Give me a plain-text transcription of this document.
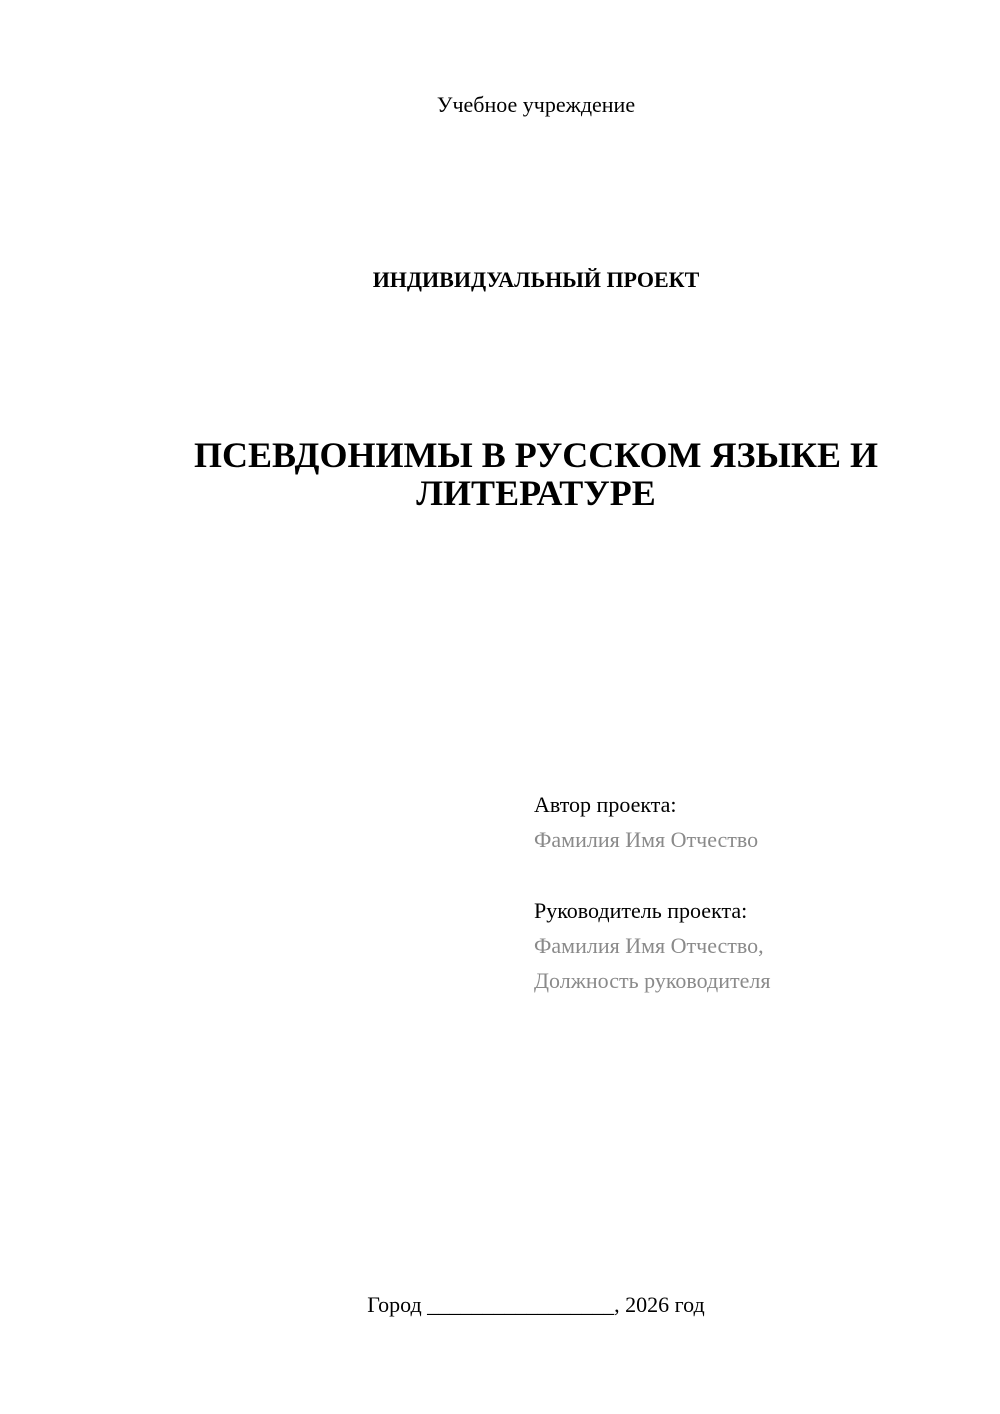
Учебное учреждение
ИНДИВИДУАЛЬНЫЙ ПРОЕКТ
ПСЕВДОНИМЫ В РУССКОМ ЯЗЫКЕ И
ЛИТЕРАТУРЕ
Автор проекта:
Фамилия Имя Отчество
Руководитель проекта:
Фамилия Имя Отчество,
Должность руководителя
Город _________________, 2026 год
